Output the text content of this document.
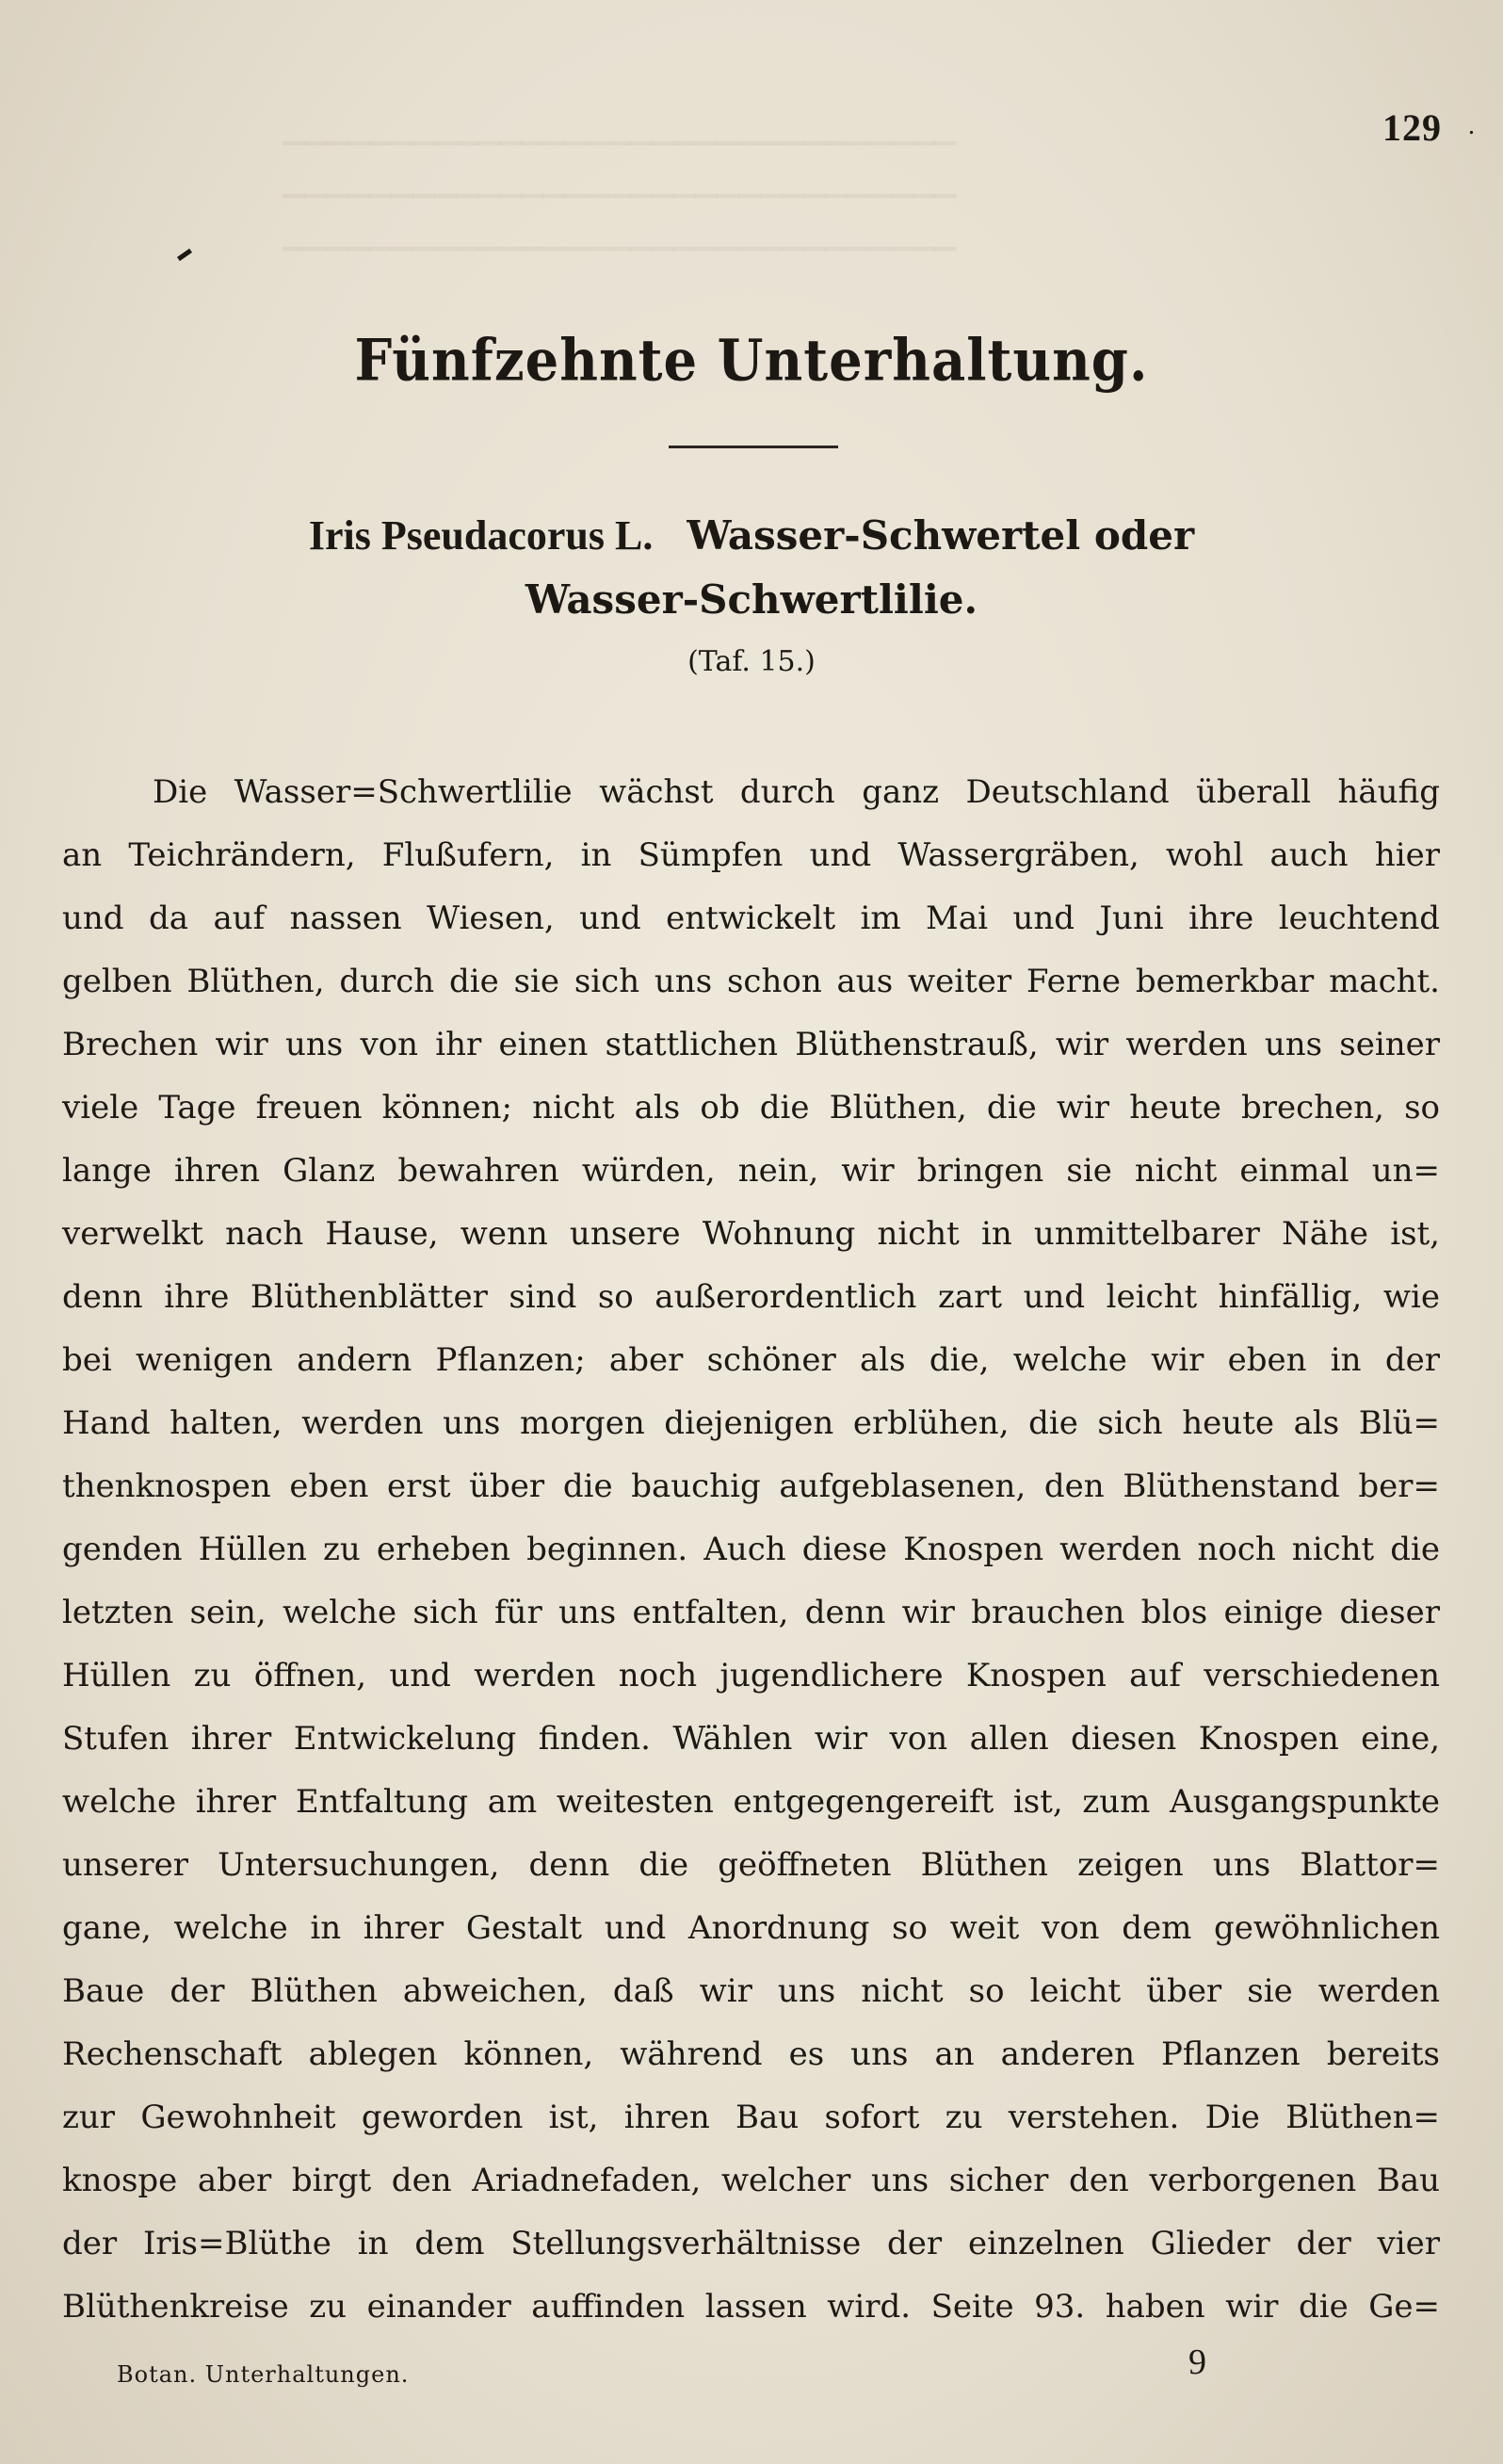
▁▁▁▁▁▁▁▁▁▁▁▁▁▁▁▁▁▁▁▁▁▁▁▁▁▁▁▁▁▁▁
▁▁▁▁▁▁▁▁▁▁▁▁▁▁▁▁▁▁▁▁▁▁▁▁▁▁▁▁▁▁▁
▁▁▁▁▁▁▁▁▁▁▁▁▁▁▁▁▁▁▁▁▁▁▁▁▁▁▁▁▁▁▁
129 .
Fünfzehnte Unterhaltung.
Iris Pseudacorus L. Wasser-Schwertel oder
Wasser-Schwertlilie.
(Taf. 15.)
Die Wasser=Schwertlilie wächst durch ganz Deutschland überall häufig
an Teichrändern, Flußufern, in Sümpfen und Wassergräben, wohl auch hier
und da auf nassen Wiesen, und entwickelt im Mai und Juni ihre leuchtend
gelben Blüthen, durch die sie sich uns schon aus weiter Ferne bemerkbar macht.
Brechen wir uns von ihr einen stattlichen Blüthenstrauß, wir werden uns seiner
viele Tage freuen können; nicht als ob die Blüthen, die wir heute brechen, so
lange ihren Glanz bewahren würden, nein, wir bringen sie nicht einmal un=
verwelkt nach Hause, wenn unsere Wohnung nicht in unmittelbarer Nähe ist,
denn ihre Blüthenblätter sind so außerordentlich zart und leicht hinfällig, wie
bei wenigen andern Pflanzen; aber schöner als die, welche wir eben in der
Hand halten, werden uns morgen diejenigen erblühen, die sich heute als Blü=
thenknospen eben erst über die bauchig aufgeblasenen, den Blüthenstand ber=
genden Hüllen zu erheben beginnen. Auch diese Knospen werden noch nicht die
letzten sein, welche sich für uns entfalten, denn wir brauchen blos einige dieser
Hüllen zu öffnen, und werden noch jugendlichere Knospen auf verschiedenen
Stufen ihrer Entwickelung finden. Wählen wir von allen diesen Knospen eine,
welche ihrer Entfaltung am weitesten entgegengereift ist, zum Ausgangspunkte
unserer Untersuchungen, denn die geöffneten Blüthen zeigen uns Blattor=
gane, welche in ihrer Gestalt und Anordnung so weit von dem gewöhnlichen
Baue der Blüthen abweichen, daß wir uns nicht so leicht über sie werden
Rechenschaft ablegen können, während es uns an anderen Pflanzen bereits
zur Gewohnheit geworden ist, ihren Bau sofort zu verstehen. Die Blüthen=
knospe aber birgt den Ariadnefaden, welcher uns sicher den verborgenen Bau
der Iris=Blüthe in dem Stellungsverhältnisse der einzelnen Glieder der vier
Blüthenkreise zu einander auffinden lassen wird. Seite 93. haben wir die Ge=
Botan. Unterhaltungen.	9
